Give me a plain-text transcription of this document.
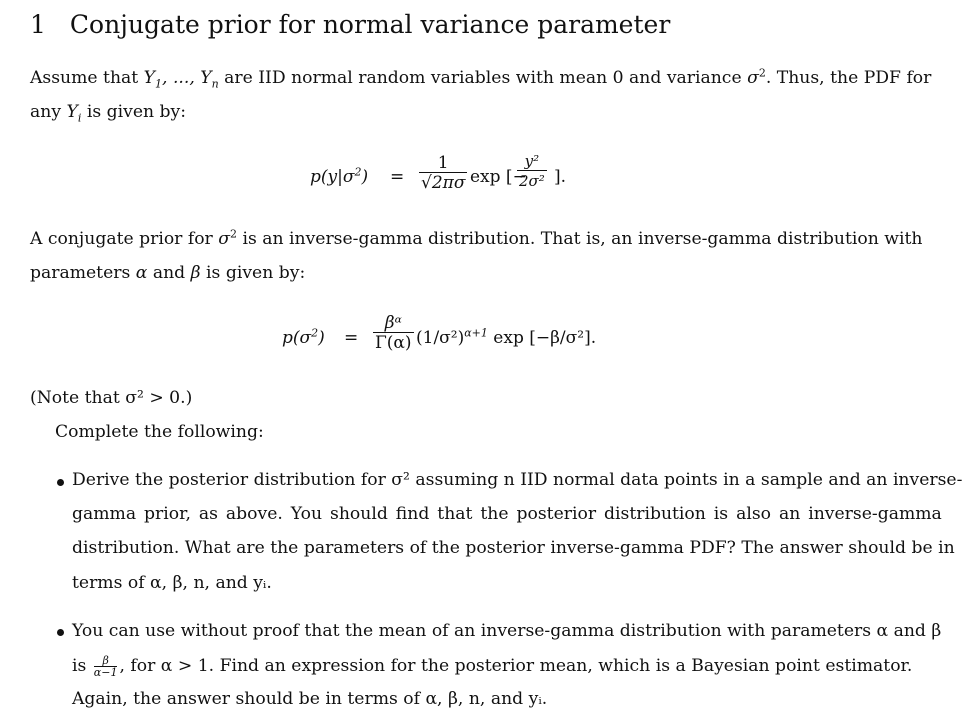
1 Conjugate prior for normal variance parameter
Assume that $Y_1$, ..., $Y_n$ are IID normal random variables with mean 0 and variance $\sigma^2$. Thus, the PDF for
any $Y_i$ is given by:
$p(y|\sigma^2) = \frac{1}{√2\pi\sigma}$ exp [−
$\frac{\text{y²}}{\text{2σ²}}$ ].
A conjugate prior for $\sigma^2$ is an inverse-gamma distribution. That is, an inverse-gamma distribution with
parameters α and β is given by:
$p(\sigma^2) = \frac{\text{βᵅ}}{\Gamma(\alpha)} (1/\sigma^2)^{\alpha+1}$ exp [−β/σ²].
(Note that σ² > 0.)
Complete the following:
Derive the posterior distribution for σ² assuming n IID normal data points in a sample and an inverse-
gamma prior, as above. You should find that the posterior distribution is also an inverse-gamma
distribution. What are the parameters of the posterior inverse-gamma PDF? The answer should be in
terms of α, β, n, and yᵢ.
You can use without proof that the mean of an inverse-gamma distribution with parameters α and β
is $\frac{\beta}{\alpha-1}$ , for α > 1. Find an expression for the posterior mean, which is a Bayesian point estimator.
Again, the answer should be in terms of α, β, n, and yᵢ.
